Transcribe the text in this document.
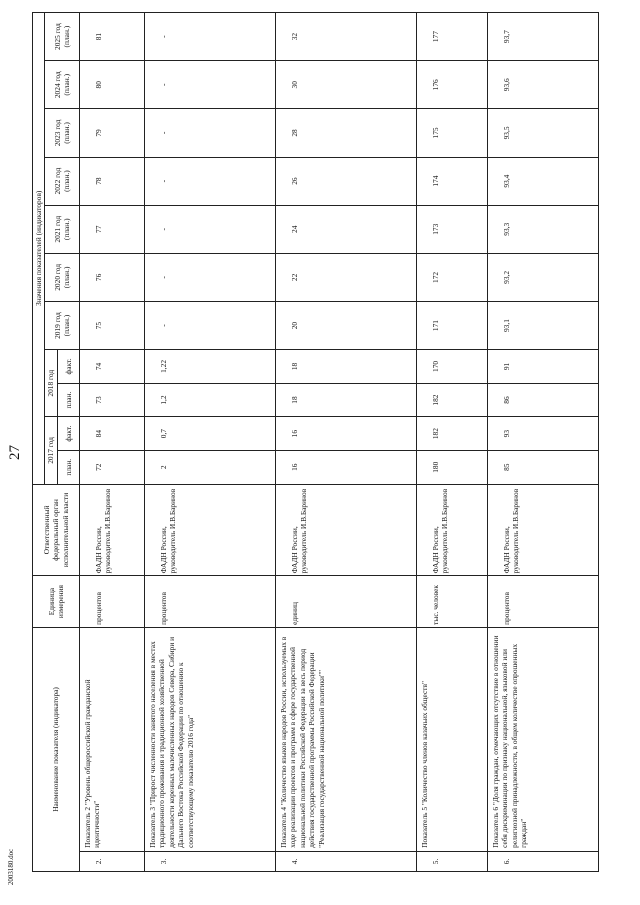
27
Наименование показателя (индикатора)		Единица измерения	Ответственный федеральный орган исполнительной власти	Значения показателей (индикаторов)										
				2017 год		2018 год		2019 год (план.)	2020 год (план.)	2021 год (план.)	2022 год (план.)	2023 год (план.)	2024 год (план.)	2025 год (план.)
				план.	факт.	план.	факт.							
2.	Показатель 2 "Уровень общероссийской гражданской идентичности"	процентов	ФАДН России, руководитель И.В.Баринов	72	84	73	74	75	76	77	78	79	80	81
3.	Показатель 3 "Прирост численности занятого населения в местах традиционного проживания и традиционной хозяйственной деятельности коренных малочисленных народов Севера, Сибири и Дальнего Востока Российской Федерации по отношению к соответствующему показателю 2016 года"	процентов	ФАДН России, руководитель И.В.Баринов	2	0,7	1,2	1,22	-	-	-	-	-	-	-
4.	Показатель 4 "Количество языков народов России, используемых в ходе реализации проектов и программ в сфере государственной национальной политики Российской Федерации за весь период действия государственной программы Российской Федерации "Реализация государственной национальной политики""	единиц	ФАДН России, руководитель И.В.Баринов	16	16	18	18	20	22	24	26	28	30	32
5.	Показатель 5 "Количество членов казачьих обществ"	тыс. человек	ФАДН России, руководитель И.В.Баринов	180	182	182	170	171	172	173	174	175	176	177
6.	Показатель 6 "Доля граждан, отмечающих отсутствие в отношении себя дискриминации по признаку национальной, языковой или религиозной принадлежности, в общем количестве опрошенных граждан"	процентов	ФАДН России, руководитель И.В.Баринов	85	93	86	91	93,1	93,2	93,3	93,4	93,5	93,6	93,7
2003180.doc
